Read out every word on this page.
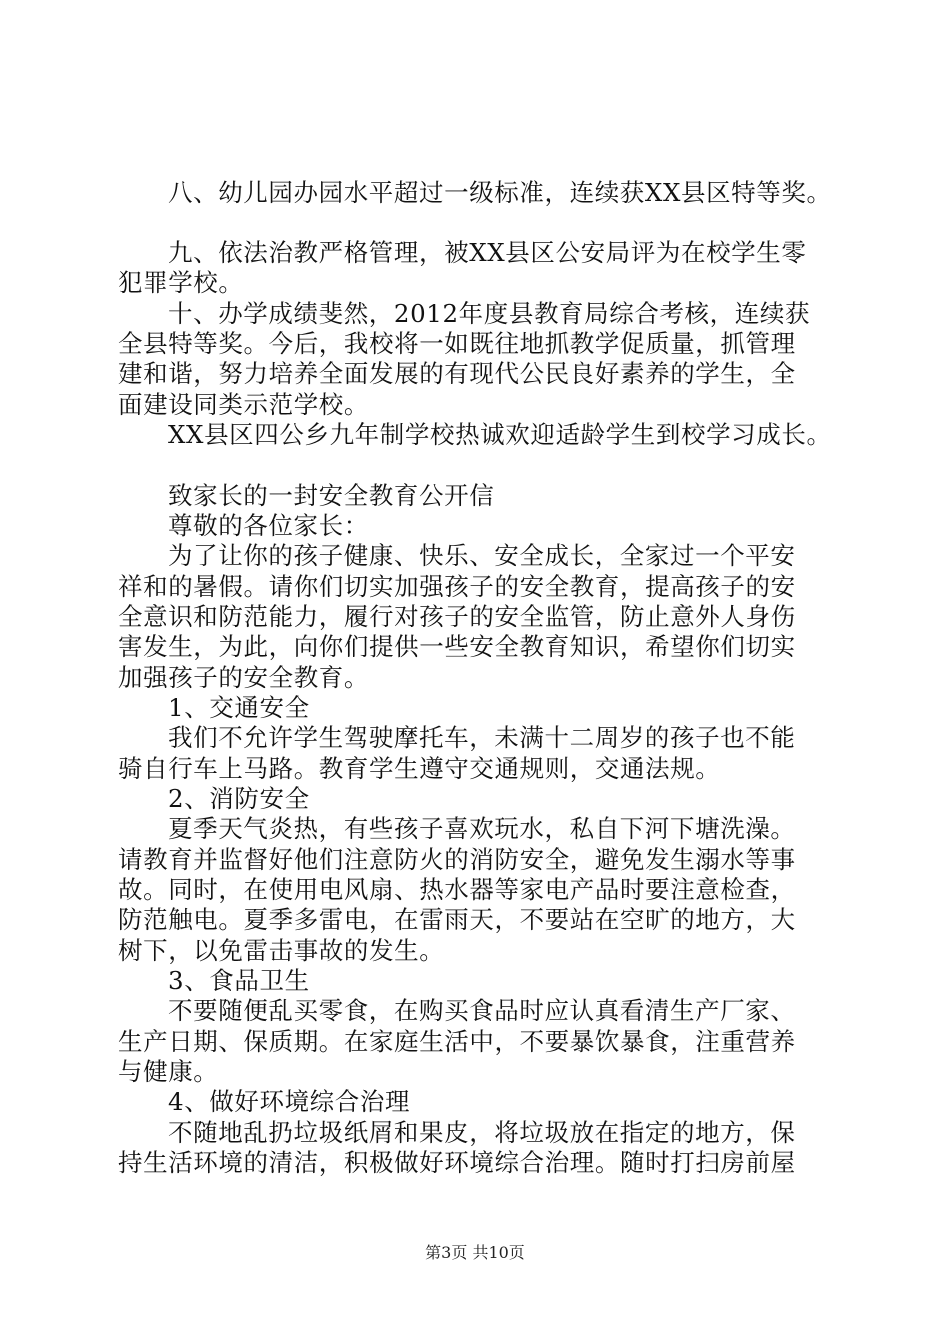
八、幼儿园办园水平超过一级标准，连续获XX县区特等奖。
九、依法治教严格管理，被XX县区公安局评为在校学生零
犯罪学校。
十、办学成绩斐然，2012年度县教育局综合考核，连续获
全县特等奖。今后，我校将一如既往地抓教学促质量，抓管理
建和谐，努力培养全面发展的有现代公民良好素养的学生，全
面建设同类示范学校。
XX县区四公乡九年制学校热诚欢迎适龄学生到校学习成长。
致家长的一封安全教育公开信
尊敬的各位家长：
为了让你的孩子健康、快乐、安全成长，全家过一个平安
祥和的暑假。请你们切实加强孩子的安全教育，提高孩子的安
全意识和防范能力，履行对孩子的安全监管，防止意外人身伤
害发生，为此，向你们提供一些安全教育知识，希望你们切实
加强孩子的安全教育。
1、交通安全
我们不允许学生驾驶摩托车，未满十二周岁的孩子也不能
骑自行车上马路。教育学生遵守交通规则，交通法规。
2、消防安全
夏季天气炎热，有些孩子喜欢玩水，私自下河下塘洗澡。
请教育并监督好他们注意防火的消防安全，避免发生溺水等事
故。同时，在使用电风扇、热水器等家电产品时要注意检查，
防范触电。夏季多雷电，在雷雨天，不要站在空旷的地方，大
树下，以免雷击事故的发生。
3、食品卫生
不要随便乱买零食，在购买食品时应认真看清生产厂家、
生产日期、保质期。在家庭生活中，不要暴饮暴食，注重营养
与健康。
4、做好环境综合治理
不随地乱扔垃圾纸屑和果皮，将垃圾放在指定的地方，保
持生活环境的清洁，积极做好环境综合治理。随时打扫房前屋
第3页 共10页
